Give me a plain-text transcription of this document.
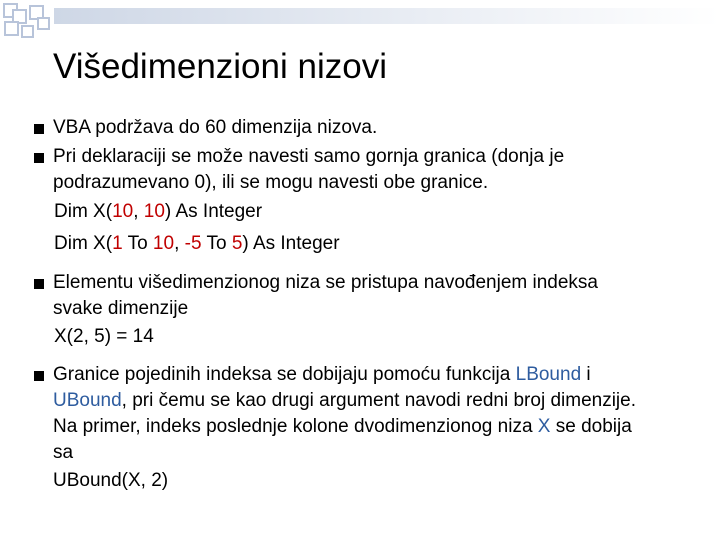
Višedimenzioni nizovi
VBA podržava do 60 dimenzija nizova.
Pri deklaraciji se može navesti samo gornja granica (donja je
podrazumevano 0), ili se mogu navesti obe granice.
Dim X(10, 10) As Integer
Dim X(1 To 10, -5 To 5) As Integer
Elementu višedimenzionog niza se pristupa navođenjem indeksa
svake dimenzije
X(2, 5) = 14
Granice pojedinih indeksa se dobijaju pomoću funkcija LBound i
UBound, pri čemu se kao drugi argument navodi redni broj dimenzije.
Na primer, indeks poslednje kolone dvodimenzionog niza X se dobija
sa
UBound(X, 2)
